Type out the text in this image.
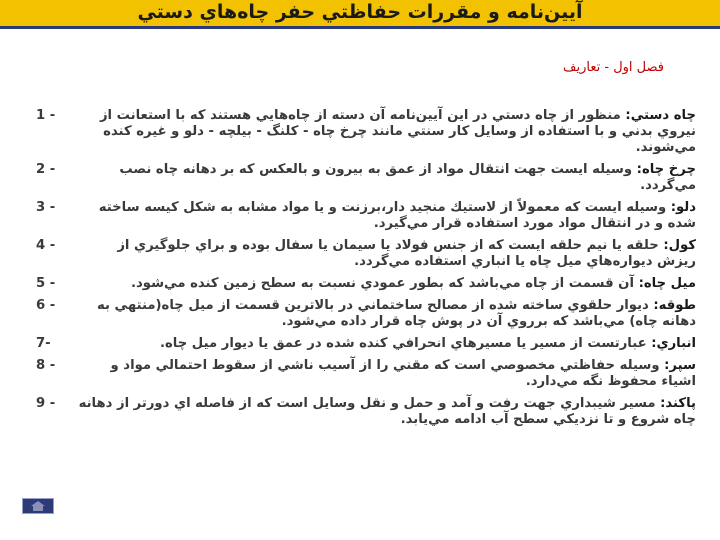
آیین‌نامه و مقررات حفاظتي حفر چاه‌هاي دستي
فصل اول - تعاريف
1 -	چاه دستي: منظور از چاه دستي در اين آیین‌نامه آن دسته از چاه‌هايي هستند كه با استعانت از نيروي بدني و با استفاده از وسايل كار سنتي مانند چرخ چاه - كلنگ - بيلچه - دلو و غيره كنده مي‌شوند.
2 -	چرخ چاه: وسيله ايست جهت انتقال مواد از عمق به بيرون و بالعكس كه بر دهانه چاه نصب مي‌گردد.
3 -	دلو: وسيله ايست كه معمولاً از لاستيك منجيد دار،برزنت و يا مواد مشابه به شكل كيسه ساخته شده و در انتقال مواد مورد استفاده قرار مي‌گيرد.
4 -	كول: حلقه يا نيم حلقه ايست كه از جنس فولاد يا سيمان يا سفال بوده و براي جلوگيري از ريزش ديواره‌هاي ميل چاه يا انباري استفاده مي‌گردد.
5 -	ميل چاه: آن قسمت از چاه مي‌باشد كه بطور عمودي نسبت به سطح زمين كنده مي‌شود.
6 -	طوقه: ديوار حلقوي ساخته شده از مصالح ساختماني در بالاترين قسمت از ميل چاه(منتهي به دهانه چاه) مي‌باشد كه برروي آن در پوش چاه قرار داده مي‌شود.
7-	انباري: عبارتست از مسير يا مسيرهاي انحرافي كنده شده در عمق يا ديوار ميل چاه.
8 -	سپر: وسيله حفاظتي مخصوصي است كه مقني را از آسيب ناشي از سقوط احتمالي مواد و اشياء محفوظ نگه مي‌دارد.
9 -	پاكند: مسير شيبداري جهت رفت و آمد و حمل و نقل وسايل است كه از فاصله اي دورتر از دهانه چاه شروع و تا نزديكي سطح آب ادامه مي‌يابد.
